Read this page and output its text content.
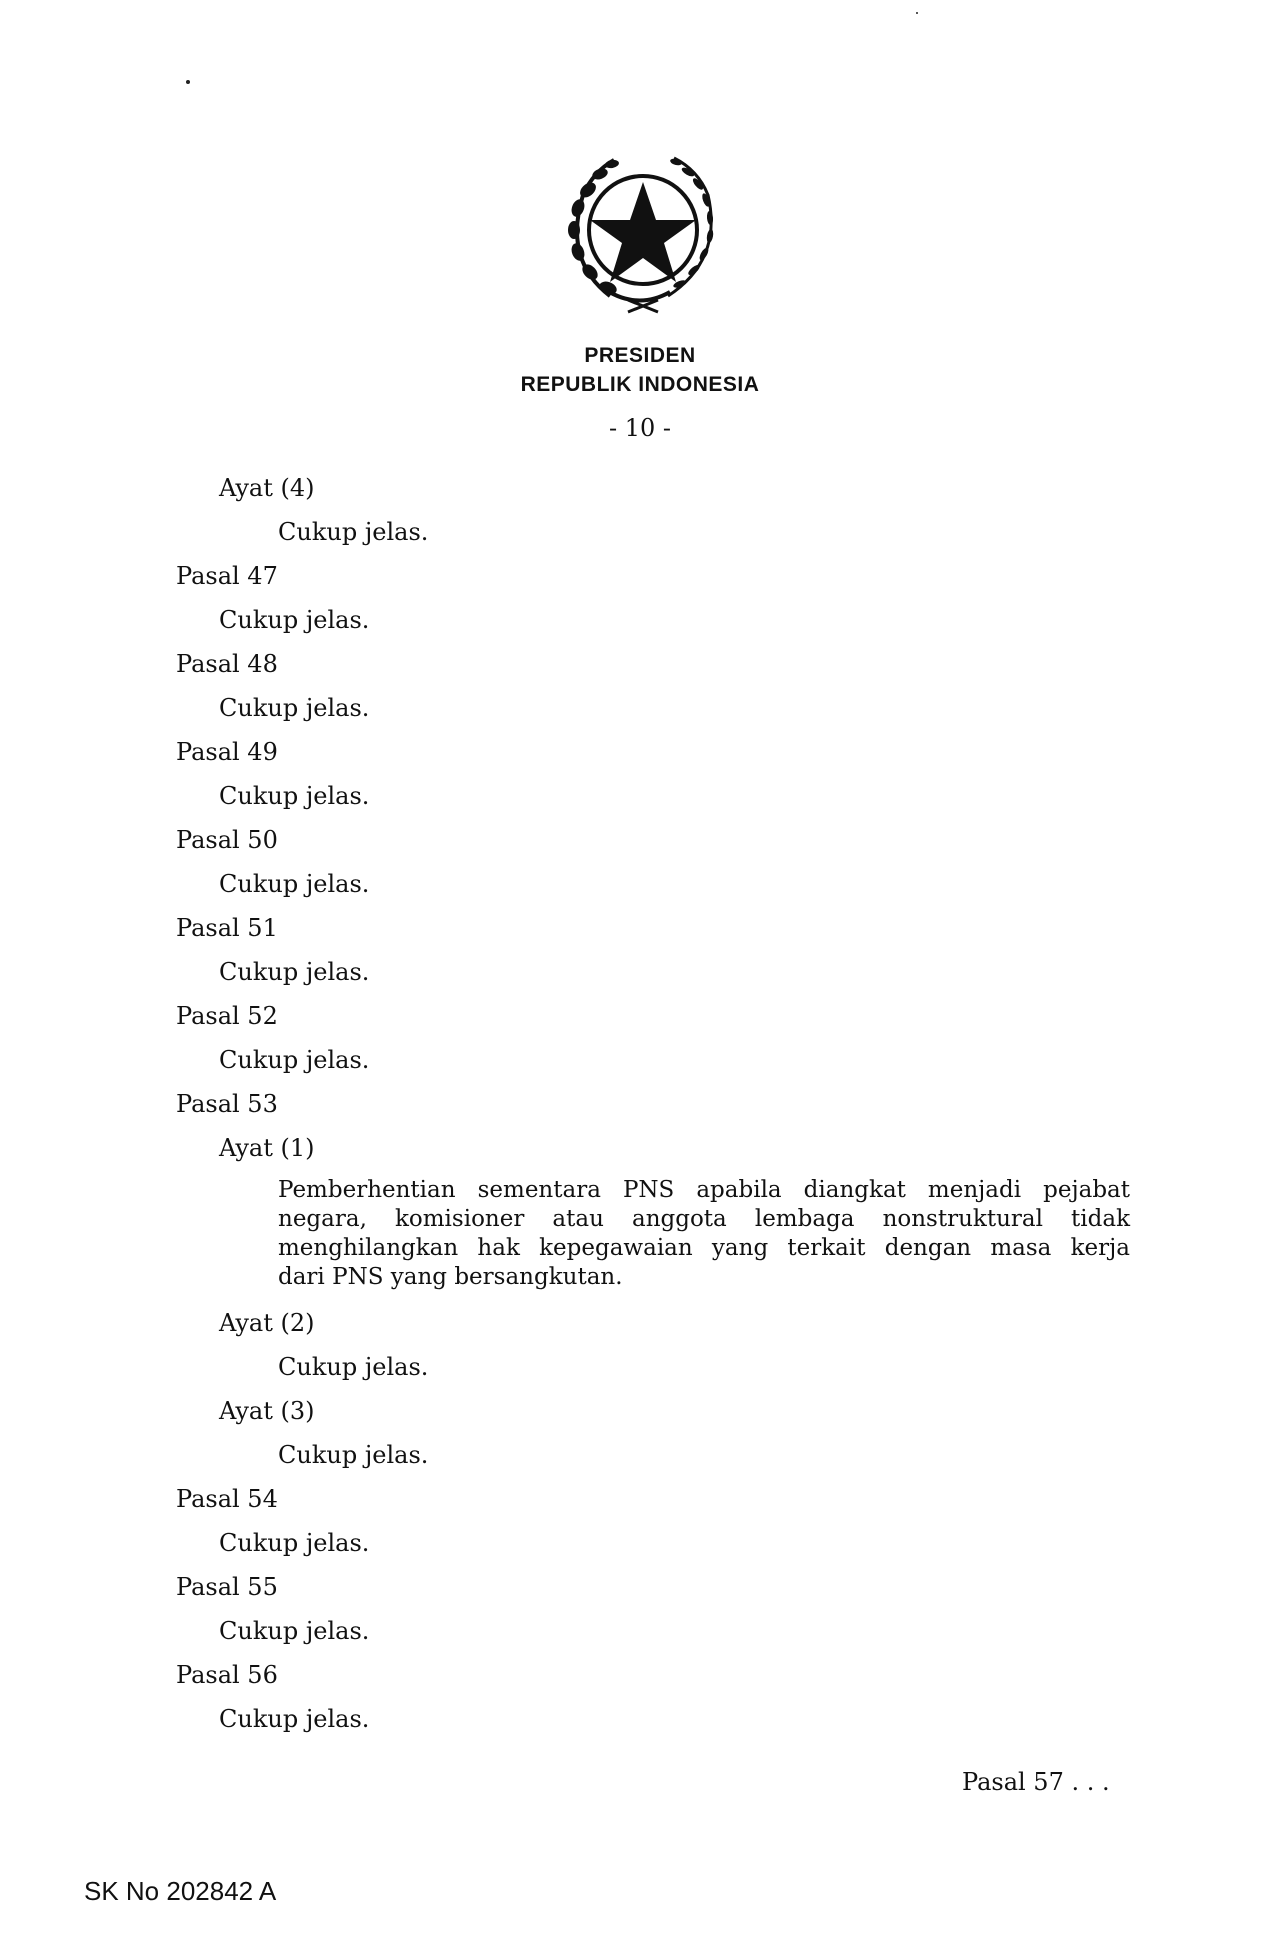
PRESIDEN
REPUBLIK INDONESIA
- 10 -
Ayat (4)
Cukup jelas.
Pasal 47
Cukup jelas.
Pasal 48
Cukup jelas.
Pasal 49
Cukup jelas.
Pasal 50
Cukup jelas.
Pasal 51
Cukup jelas.
Pasal 52
Cukup jelas.
Pasal 53
Ayat (1)
Pemberhentian sementara PNS apabila diangkat menjadi pejabat
negara, komisioner atau anggota lembaga nonstruktural tidak
menghilangkan hak kepegawaian yang terkait dengan masa kerja
dari PNS yang bersangkutan.
Ayat (2)
Cukup jelas.
Ayat (3)
Cukup jelas.
Pasal 54
Cukup jelas.
Pasal 55
Cukup jelas.
Pasal 56
Cukup jelas.
Pasal 57 . . .
SK No 202842 A
